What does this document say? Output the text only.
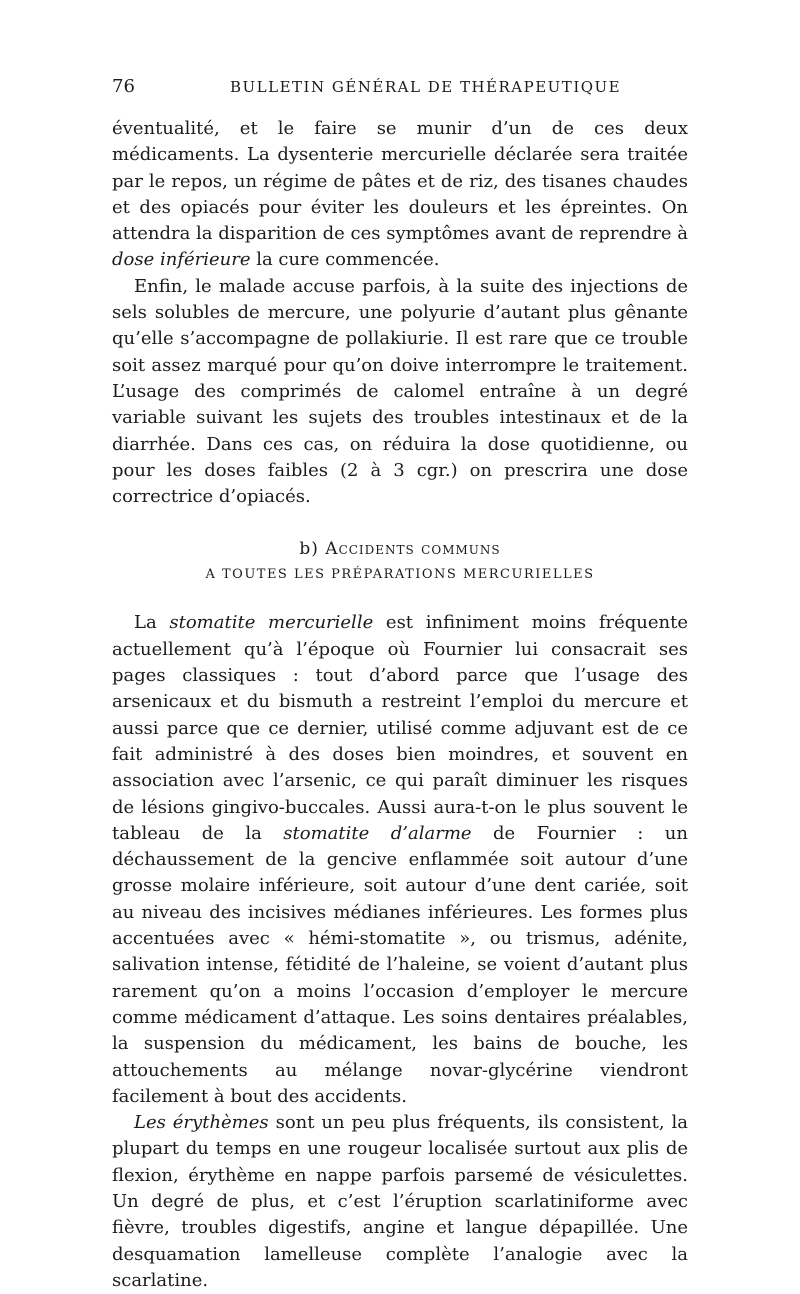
76	BULLETIN GÉNÉRAL DE THÉRAPEUTIQUE

éventualité, et le faire se munir d’un de ces deux médicaments. La dysenterie mercurielle déclarée sera traitée par le repos, un régime de pâtes et de riz, des tisanes chaudes et des opiacés pour éviter les douleurs et les épreintes. On attendra la disparition de ces symptômes avant de reprendre à dose inférieure la cure commencée.

Enfin, le malade accuse parfois, à la suite des injections de sels solubles de mercure, une polyurie d’autant plus gênante qu’elle s’accompagne de pollakiurie. Il est rare que ce trouble soit assez marqué pour qu’on doive interrompre le traitement. L’usage des comprimés de calomel entraîne à un degré variable suivant les sujets des troubles intestinaux et de la diarrhée. Dans ces cas, on réduira la dose quotidienne, ou pour les doses faibles (2 à 3 cgr.) on prescrira une dose correctrice d’opiacés.

b) Accidents communs
A TOUTES LES PRÉPARATIONS MERCURIELLES

La stomatite mercurielle est infiniment moins fréquente actuellement qu’à l’époque où Fournier lui consacrait ses pages classiques : tout d’abord parce que l’usage des arsenicaux et du bismuth a restreint l’emploi du mercure et aussi parce que ce dernier, utilisé comme adjuvant est de ce fait administré à des doses bien moindres, et souvent en association avec l’arsenic, ce qui paraît diminuer les risques de lésions gingivo-buccales. Aussi aura-t-on le plus souvent le tableau de la stomatite d’alarme de Fournier : un déchaussement de la gencive enflammée soit autour d’une grosse molaire inférieure, soit autour d’une dent cariée, soit au niveau des incisives médianes inférieures. Les formes plus accentuées avec « hémi-stomatite », ou trismus, adénite, salivation intense, fétidité de l’haleine, se voient d’autant plus rarement qu’on a moins l’occasion d’employer le mercure comme médicament d’attaque. Les soins dentaires préalables, la suspension du médicament, les bains de bouche, les attouchements au mélange novar-glycérine viendront facilement à bout des accidents.

Les érythèmes sont un peu plus fréquents, ils consistent, la plupart du temps en une rougeur localisée surtout aux plis de flexion, érythème en nappe parfois parsemé de vésiculettes. Un degré de plus, et c’est l’éruption scarlatiniforme avec fièvre, troubles digestifs, angine et langue dépapillée. Une desquamation lamelleuse complète l’analogie avec la scarlatine.
